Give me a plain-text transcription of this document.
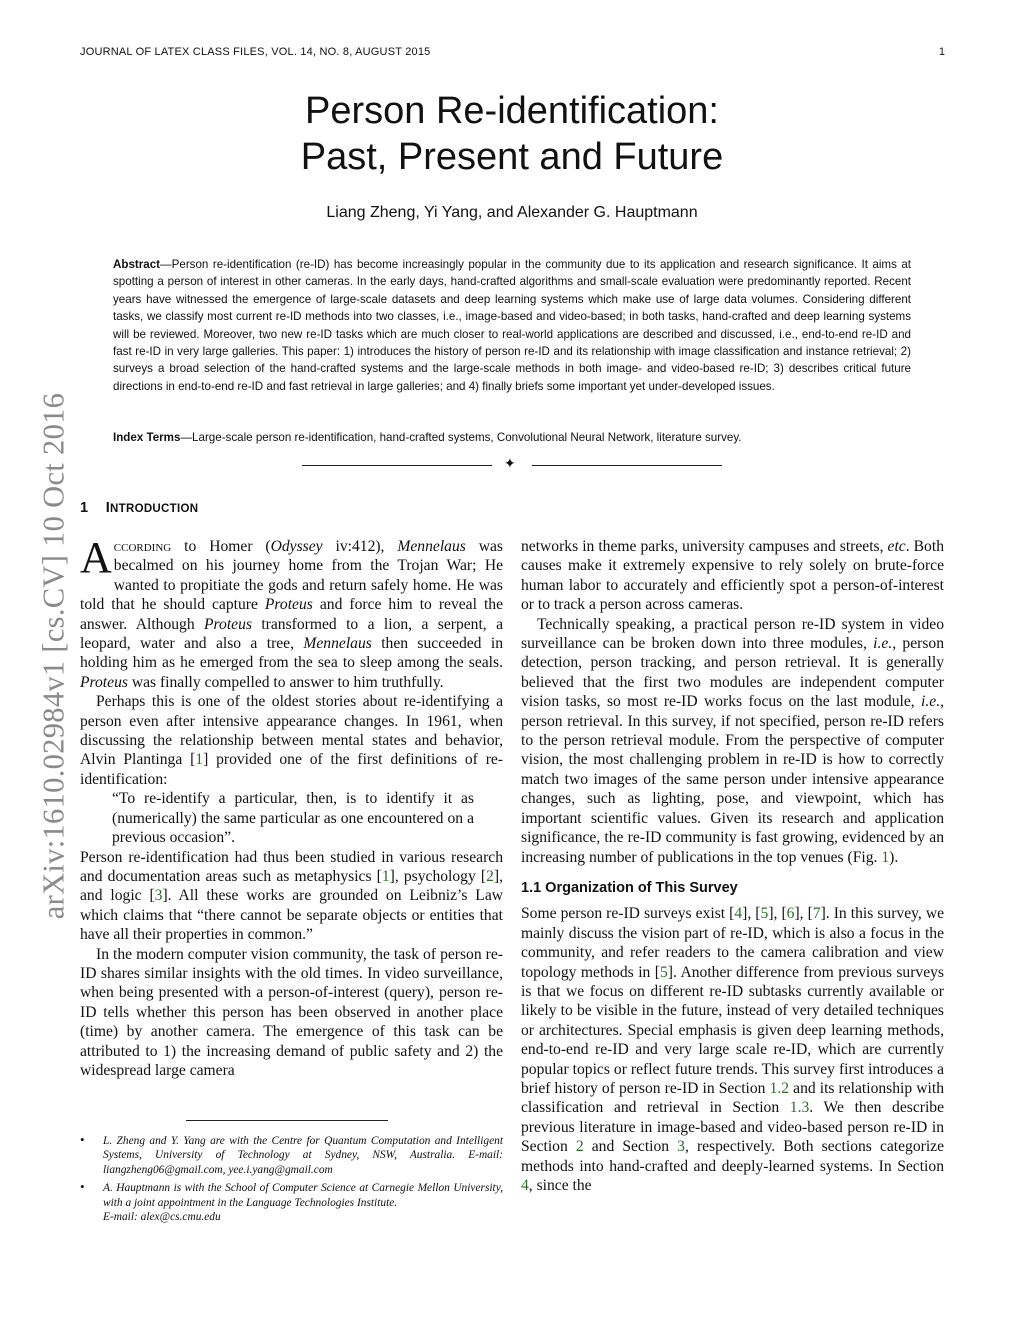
JOURNAL OF LATEX CLASS FILES, VOL. 14, NO. 8, AUGUST 2015	1
Person Re-identification:
Past, Present and Future
Liang Zheng, Yi Yang, and Alexander G. Hauptmann

Abstract—Person re-identification (re-ID) has become increasingly popular in the community due to its application and research significance. It aims at spotting a person of interest in other cameras. In the early days, hand-crafted algorithms and small-scale evaluation were predominantly reported. Recent years have witnessed the emergence of large-scale datasets and deep learning systems which make use of large data volumes. Considering different tasks, we classify most current re-ID methods into two classes, i.e., image-based and video-based; in both tasks, hand-crafted and deep learning systems will be reviewed. Moreover, two new re-ID tasks which are much closer to real-world applications are described and discussed, i.e., end-to-end re-ID and fast re-ID in very large galleries. This paper: 1) introduces the history of person re-ID and its relationship with image classification and instance retrieval; 2) surveys a broad selection of the hand-crafted systems and the large-scale methods in both image- and video-based re-ID; 3) describes critical future directions in end-to-end re-ID and fast retrieval in large galleries; and 4) finally briefs some important yet under-developed issues.

Index Terms—Large-scale person re-identification, hand-crafted systems, Convolutional Neural Network, literature survey.

✦
1 INTRODUCTION

According to Homer (Odyssey iv:412), Mennelaus was becalmed on his journey home from the Trojan War; He wanted to propitiate the gods and return safely home. He was told that he should capture Proteus and force him to reveal the answer. Although Proteus transformed to a lion, a serpent, a leopard, water and also a tree, Mennelaus then succeeded in holding him as he emerged from the sea to sleep among the seals. Proteus was finally compelled to answer to him truthfully.

Perhaps this is one of the oldest stories about re-identifying a person even after intensive appearance changes. In 1961, when discussing the relationship between mental states and behavior, Alvin Plantinga [1] provided one of the first definitions of re-identification:

“To re-identify a particular, then, is to identify it as (numerically) the same particular as one encountered on a previous occasion”.

Person re-identification had thus been studied in various research and documentation areas such as metaphysics [1], psychology [2], and logic [3]. All these works are grounded on Leibniz’s Law which claims that “there cannot be separate objects or entities that have all their properties in common.”

In the modern computer vision community, the task of person re-ID shares similar insights with the old times. In video surveillance, when being presented with a person-of-interest (query), person re-ID tells whether this person has been observed in another place (time) by another camera. The emergence of this task can be attributed to 1) the increasing demand of public safety and 2) the widespread large camera

• L. Zheng and Y. Yang are with the Centre for Quantum Computation and Intelligent Systems, University of Technology at Sydney, NSW, Australia. E-mail: liangzheng06@gmail.com, yee.i.yang@gmail.com
• A. Hauptmann is with the School of Computer Science at Carnegie Mellon University, with a joint appointment in the Language Technologies Institute.
E-mail: alex@cs.cmu.edu

networks in theme parks, university campuses and streets, etc. Both causes make it extremely expensive to rely solely on brute-force human labor to accurately and efficiently spot a person-of-interest or to track a person across cameras.

Technically speaking, a practical person re-ID system in video surveillance can be broken down into three modules, i.e., person detection, person tracking, and person retrieval. It is generally believed that the first two modules are independent computer vision tasks, so most re-ID works focus on the last module, i.e., person retrieval. In this survey, if not specified, person re-ID refers to the person retrieval module. From the perspective of computer vision, the most challenging problem in re-ID is how to correctly match two images of the same person under intensive appearance changes, such as lighting, pose, and viewpoint, which has important scientific values. Given its research and application significance, the re-ID community is fast growing, evidenced by an increasing number of publications in the top venues (Fig. 1).

1.1 Organization of This Survey

Some person re-ID surveys exist [4], [5], [6], [7]. In this survey, we mainly discuss the vision part of re-ID, which is also a focus in the community, and refer readers to the camera calibration and view topology methods in [5]. Another difference from previous surveys is that we focus on different re-ID subtasks currently available or likely to be visible in the future, instead of very detailed techniques or architectures. Special emphasis is given deep learning methods, end-to-end re-ID and very large scale re-ID, which are currently popular topics or reflect future trends. This survey first introduces a brief history of person re-ID in Section 1.2 and its relationship with classification and retrieval in Section 1.3. We then describe previous literature in image-based and video-based person re-ID in Section 2 and Section 3, respectively. Both sections categorize methods into hand-crafted and deeply-learned systems. In Section 4, since the

arXiv:1610.02984v1 [cs.CV] 10 Oct 2016
